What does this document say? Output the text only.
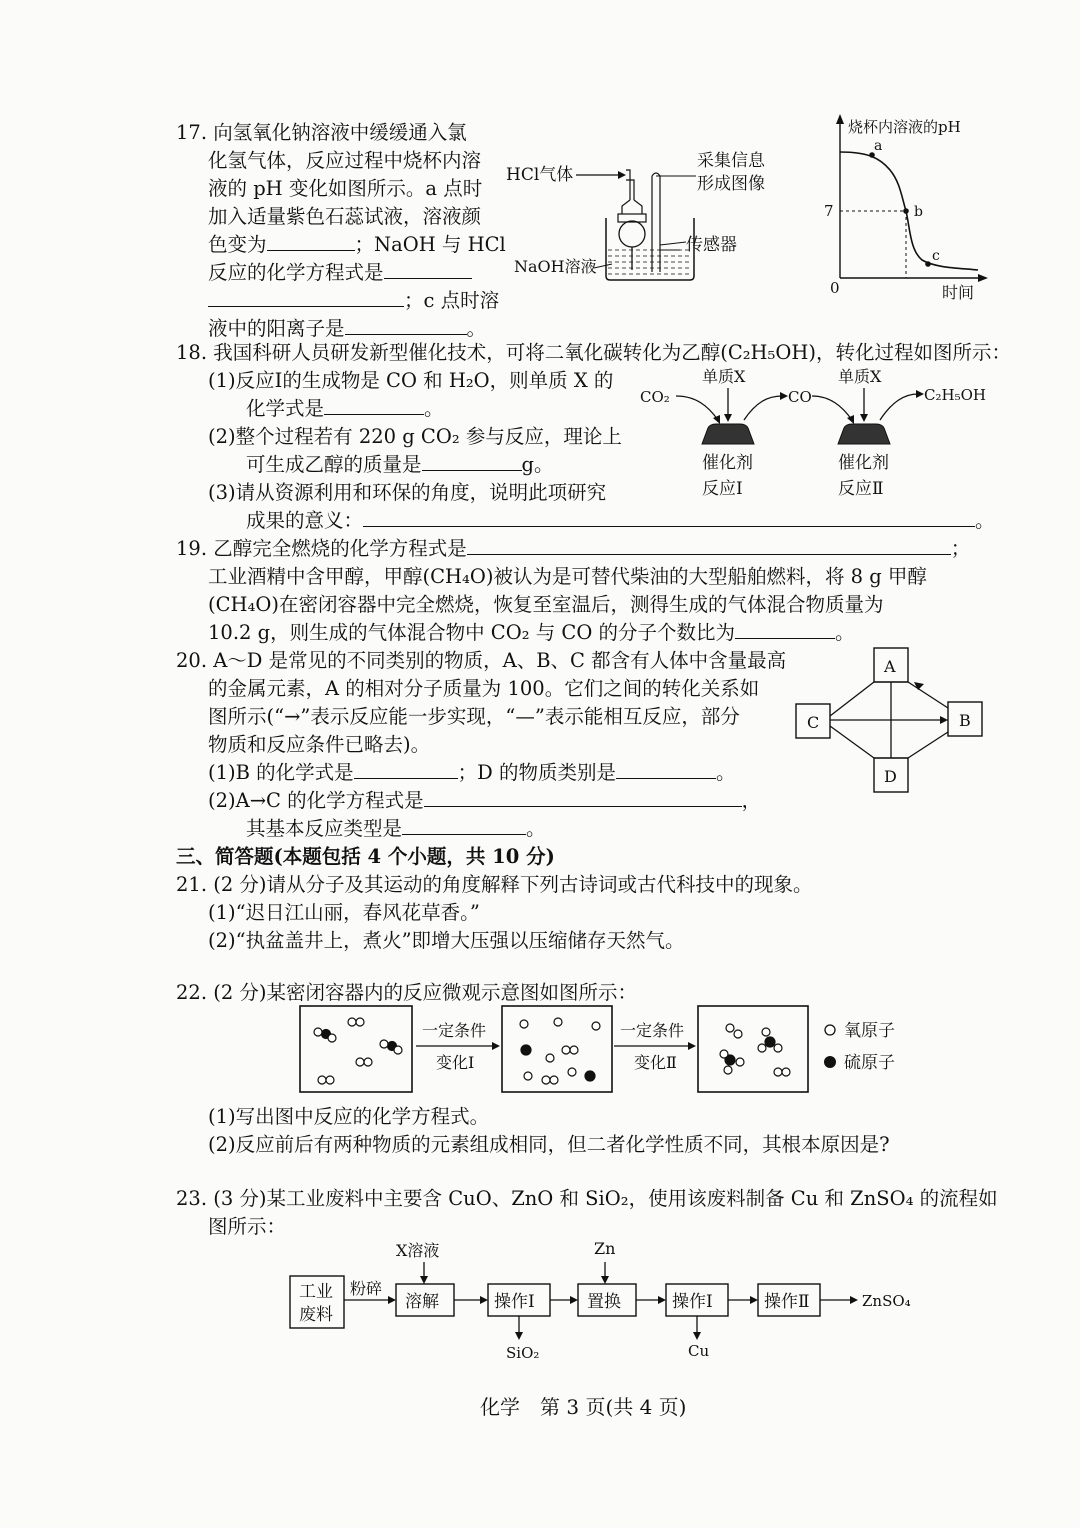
17. 向氢氧化钠溶液中缓缓通入氯
化氢气体，反应过程中烧杯内溶
液的 pH 变化如图所示。a 点时
加入适量紫色石蕊试液，溶液颜
色变为	；NaOH 与 HCl
反应的化学方程式是
；c 点时溶
液中的阳离子是	。
HCl气体
采集信息
形成图像
传感器
NaOH溶液
烧杯内溶液的pH
7
0	时间
a
b
c
18. 我国科研人员研发新型催化技术，可将二氧化碳转化为乙醇(C₂H₅OH)，转化过程如图所示：
(1)反应Ⅰ的生成物是 CO 和 H₂O，则单质 X 的
化学式是	。
(2)整个过程若有 220 g CO₂ 参与反应，理论上
可生成乙醇的质量是	g。
(3)请从资源利用和环保的角度，说明此项研究
成果的意义：	。
单质X	单质X
CO₂	CO	C₂H₅OH
催化剂	催化剂
反应Ⅰ	反应Ⅱ
19. 乙醇完全燃烧的化学方程式是	；
工业酒精中含甲醇，甲醇(CH₄O)被认为是可替代柴油的大型船舶燃料，将 8 g 甲醇
(CH₄O)在密闭容器中完全燃烧，恢复至室温后，测得生成的气体混合物质量为
10.2 g，则生成的气体混合物中 CO₂ 与 CO 的分子个数比为	。
20. A～D 是常见的不同类别的物质，A、B、C 都含有人体中含量最高
的金属元素，A 的相对分子质量为 100。它们之间的转化关系如
图所示(“→”表示反应能一步实现，“—”表示能相互反应，部分
物质和反应条件已略去)。
(1)B 的化学式是	；D 的物质类别是	。
(2)A→C 的化学方程式是	，
其基本反应类型是	。
A
B
C
D
三、简答题(本题包括 4 个小题，共 10 分)
21. (2 分)请从分子及其运动的角度解释下列古诗词或古代科技中的现象。
(1)“迟日江山丽，春风花草香。”
(2)“执盆盖井上，煮火”即增大压强以压缩储存天然气。
22. (2 分)某密闭容器内的反应微观示意图如图所示：
一定条件
变化Ⅰ
一定条件
变化Ⅱ
氧原子
硫原子
(1)写出图中反应的化学方程式。
(2)反应前后有两种物质的元素组成相同，但二者化学性质不同，其根本原因是?
23. (3 分)某工业废料中主要含 CuO、ZnO 和 SiO₂，使用该废料制备 Cu 和 ZnSO₄ 的流程如
图所示：
工业
废料
粉碎
X溶液
溶解	操作Ⅰ
SiO₂
Zn
置换	操作Ⅰ
Cu
操作Ⅱ	ZnSO₄
化学　第 3 页(共 4 页)
